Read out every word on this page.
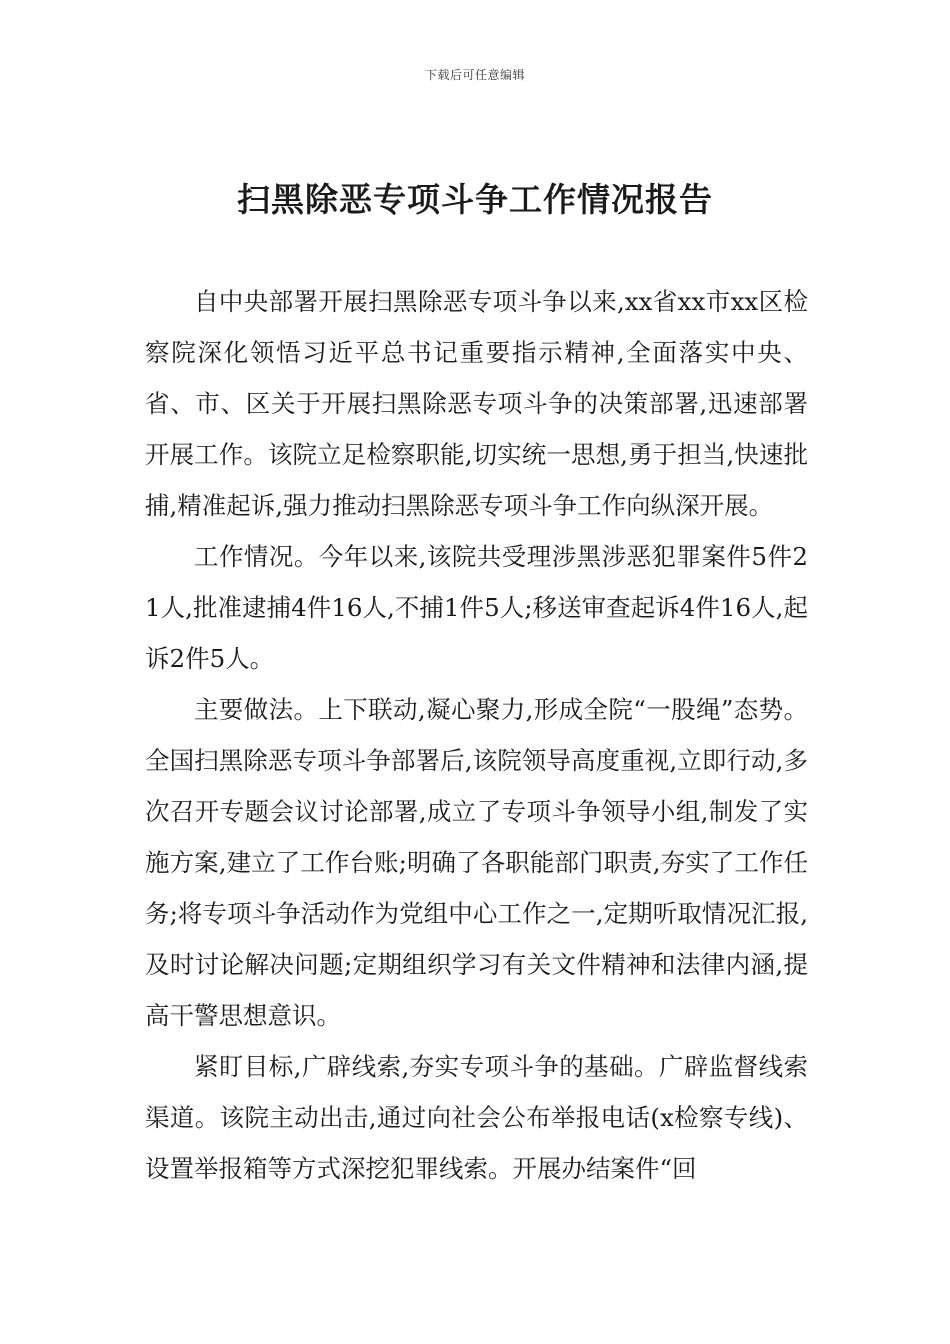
下载后可任意编辑
扫黑除恶专项斗争工作情况报告

自中央部署开展扫黑除恶专项斗争以来,xx省xx市xx区检察院深化领悟习近平总书记重要指示精神,全面落实中央、省、市、区关于开展扫黑除恶专项斗争的决策部署,迅速部署开展工作。该院立足检察职能,切实统一思想,勇于担当,快速批捕,精准起诉,强力推动扫黑除恶专项斗争工作向纵深开展。

工作情况。今年以来,该院共受理涉黑涉恶犯罪案件5件21人,批准逮捕4件16人,不捕1件5人;移送审查起诉4件16人,起诉2件5人。

主要做法。上下联动,凝心聚力,形成全院“一股绳”态势。全国扫黑除恶专项斗争部署后,该院领导高度重视,立即行动,多次召开专题会议讨论部署,成立了专项斗争领导小组,制发了实施方案,建立了工作台账;明确了各职能部门职责,夯实了工作任务;将专项斗争活动作为党组中心工作之一,定期听取情况汇报,及时讨论解决问题;定期组织学习有关文件精神和法律内涵,提高干警思想意识。

紧盯目标,广辟线索,夯实专项斗争的基础。广辟监督线索渠道。该院主动出击,通过向社会公布举报电话(x检察专线)、设置举报箱等方式深挖犯罪线索。开展办结案件“回
